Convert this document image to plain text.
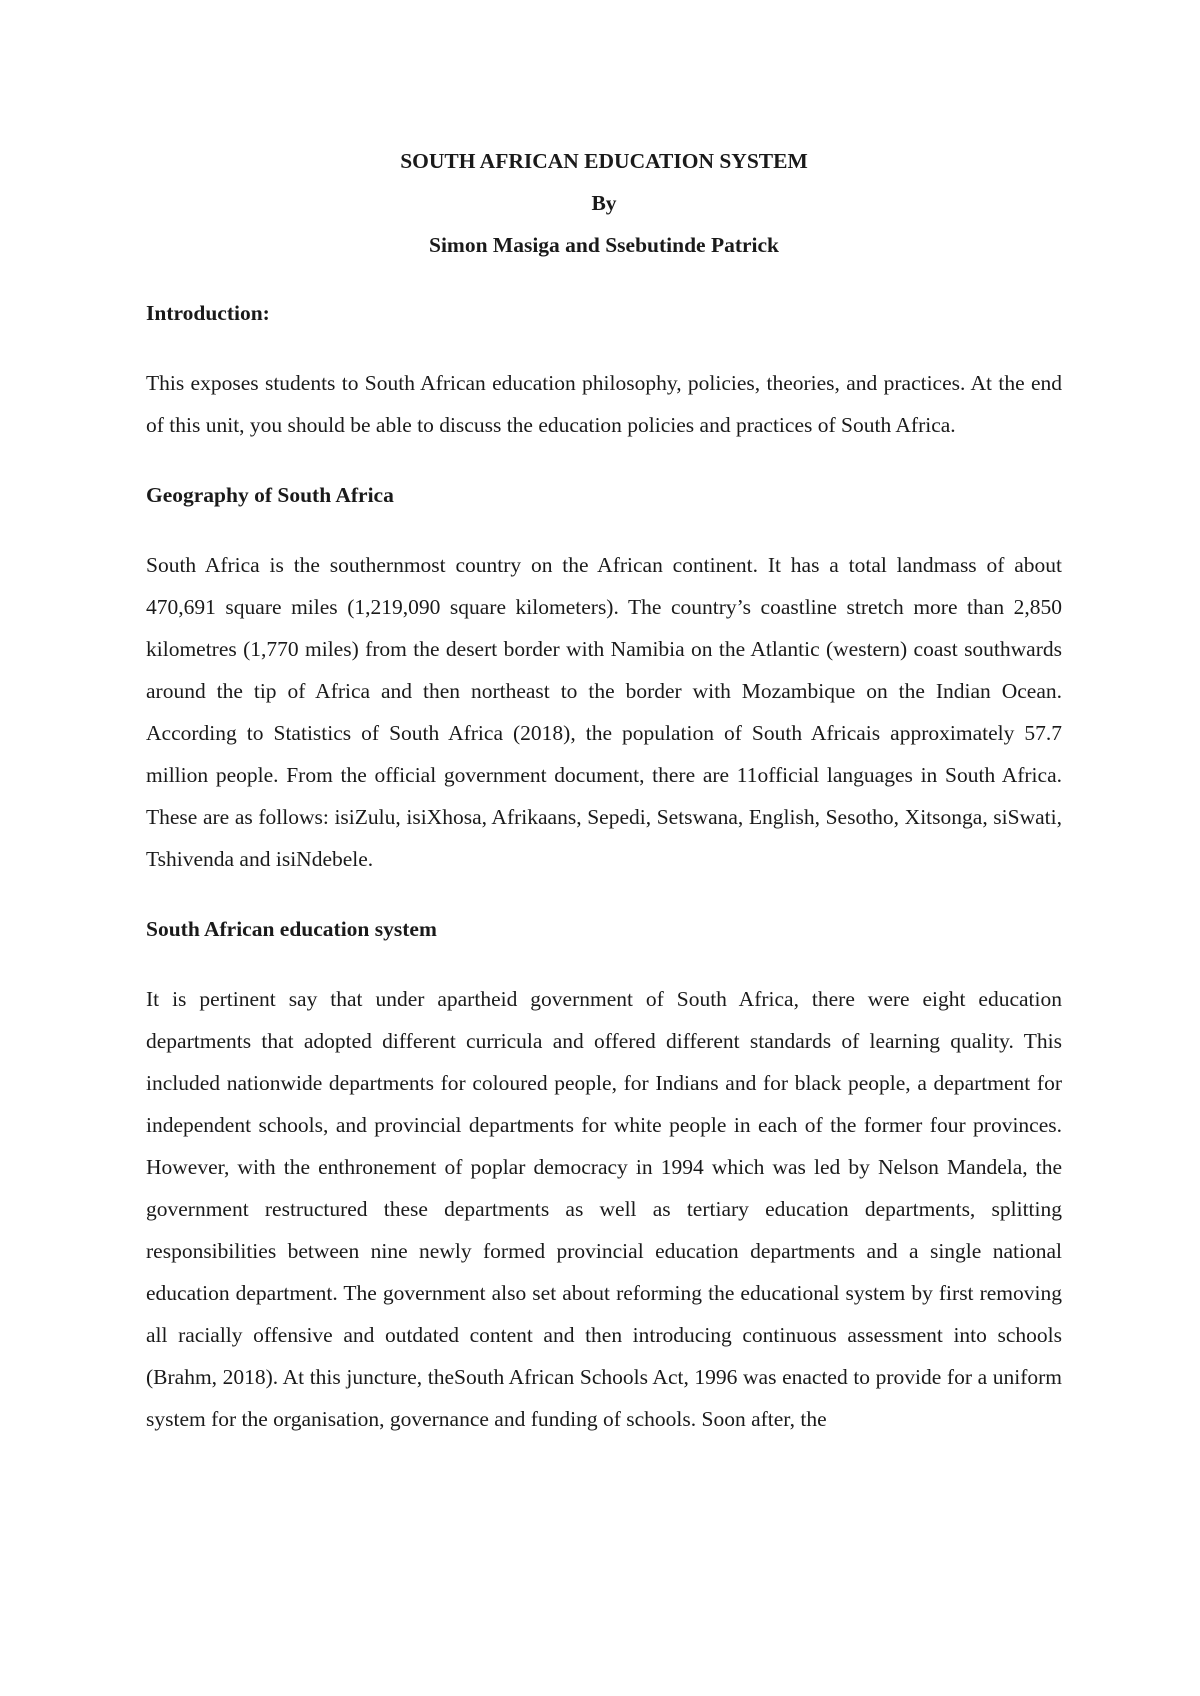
SOUTH AFRICAN EDUCATION SYSTEM

By

Simon Masiga and Ssebutinde Patrick

Introduction:

This exposes students to South African education philosophy, policies, theories, and practices. At the end of this unit, you should be able to discuss the education policies and practices of South Africa.

Geography of South Africa

South Africa is the southernmost country on the African continent. It has a total landmass of about 470,691 square miles (1,219,090 square kilometers). The country’s coastline stretch more than 2,850 kilometres (1,770 miles) from the desert border with Namibia on the Atlantic (western) coast southwards around the tip of Africa and then northeast to the border with Mozambique on the Indian Ocean. According to Statistics of South Africa (2018), the population of South Africais approximately 57.7 million people. From the official government document, there are 11official languages in South Africa. These are as follows: isiZulu, isiXhosa, Afrikaans, Sepedi, Setswana, English, Sesotho, Xitsonga, siSwati, Tshivenda and isiNdebele.

South African education system

It is pertinent say that under apartheid government of South Africa, there were eight education departments that adopted different curricula and offered different standards of learning quality. This included nationwide departments for coloured people, for Indians and for black people, a department for independent schools, and provincial departments for white people in each of the former four provinces. However, with the enthronement of poplar democracy in 1994 which was led by Nelson Mandela, the government restructured these departments as well as tertiary education departments, splitting responsibilities between nine newly formed provincial education departments and a single national education department. The government also set about reforming the educational system by first removing all racially offensive and outdated content and then introducing continuous assessment into schools (Brahm, 2018). At this juncture, theSouth African Schools Act, 1996 was enacted to provide for a uniform system for the organisation, governance and funding of schools. Soon after, the
